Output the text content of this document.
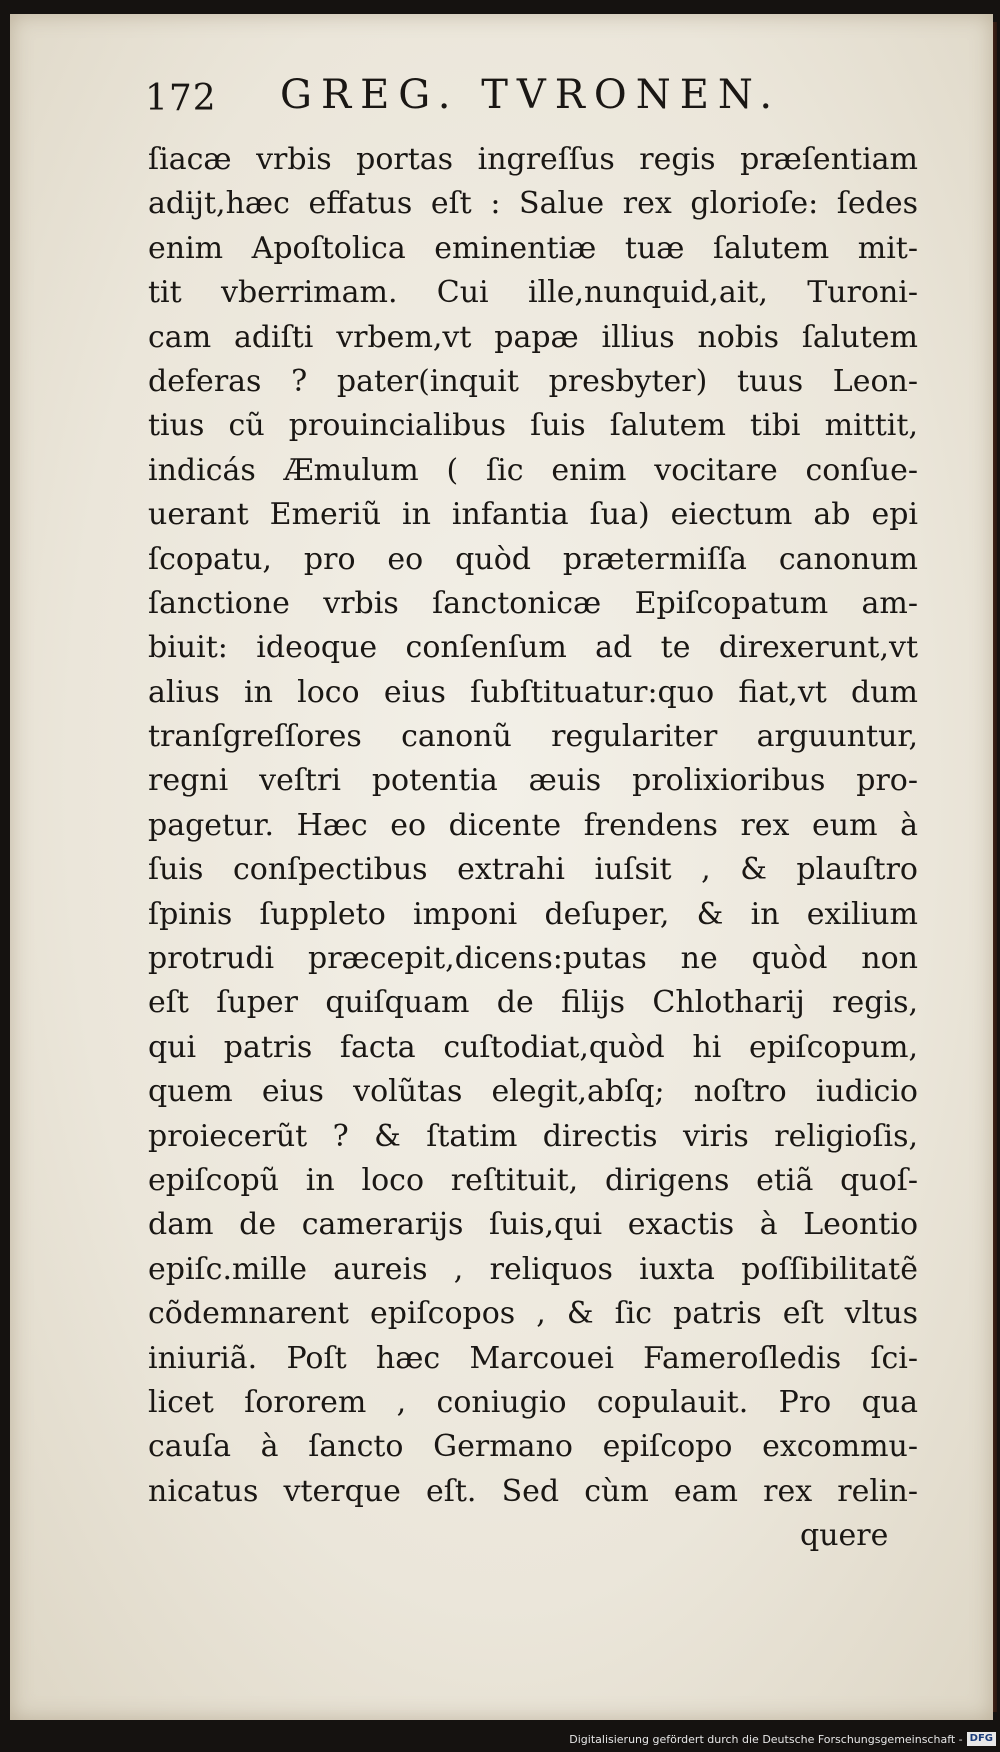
172 GREG. TVRONEN.
ſiacæ vrbis portas ingreſſus regis præſentiam
adijt,hæc effatus eſt : Salue rex glorioſe: ſedes
enim Apoſtolica eminentiæ tuæ ſalutem mit-
tit vberrimam. Cui ille,nunquid,ait, Turoni-
cam adiſti vrbem,vt papæ illius nobis ſalutem
deferas ? pater(inquit presbyter) tuus Leon-
tius cũ prouincialibus ſuis ſalutem tibi mittit,
indicás Æmulum ( ſic enim vocitare conſue-
uerant Emeriũ in infantia ſua) eiectum ab epi
ſcopatu, pro eo quòd prætermiſſa canonum
ſanctione vrbis ſanctonicæ Epiſcopatum am-
biuit: ideoque conſenſum ad te direxerunt,vt
alius in loco eius ſubſtituatur:quo fiat,vt dum
tranſgreſſores canonũ regulariter arguuntur,
regni veſtri potentia æuis prolixioribus pro-
pagetur. Hæc eo dicente frendens rex eum à
ſuis conſpectibus extrahi iuſsit , & plauſtro
ſpinis ſuppleto imponi deſuper, & in exilium
protrudi præcepit,dicens:putas ne quòd non
eſt ſuper quiſquam de filijs Chlotharij regis,
qui patris facta cuſtodiat,quòd hi epiſcopum,
quem eius volũtas elegit,abſq; noſtro iudicio
proiecerũt ? & ſtatim directis viris religioſis,
epiſcopũ in loco reſtituit, dirigens etiã quoſ-
dam de camerarijs ſuis,qui exactis à Leontio
epiſc.mille aureis , reliquos iuxta poſſibilitatẽ
cõdemnarent epiſcopos , & ſic patris eſt vltus
iniuriã. Poſt hæc Marcouei Fameroſledis ſci-
licet ſororem , coniugio copulauit. Pro qua
cauſa à ſancto Germano epiſcopo excommu-
nicatus vterque eſt. Sed cùm eam rex relin-
quere
Digitalisierung gefördert durch die Deutsche Forschungsgemeinschaft - DFG
